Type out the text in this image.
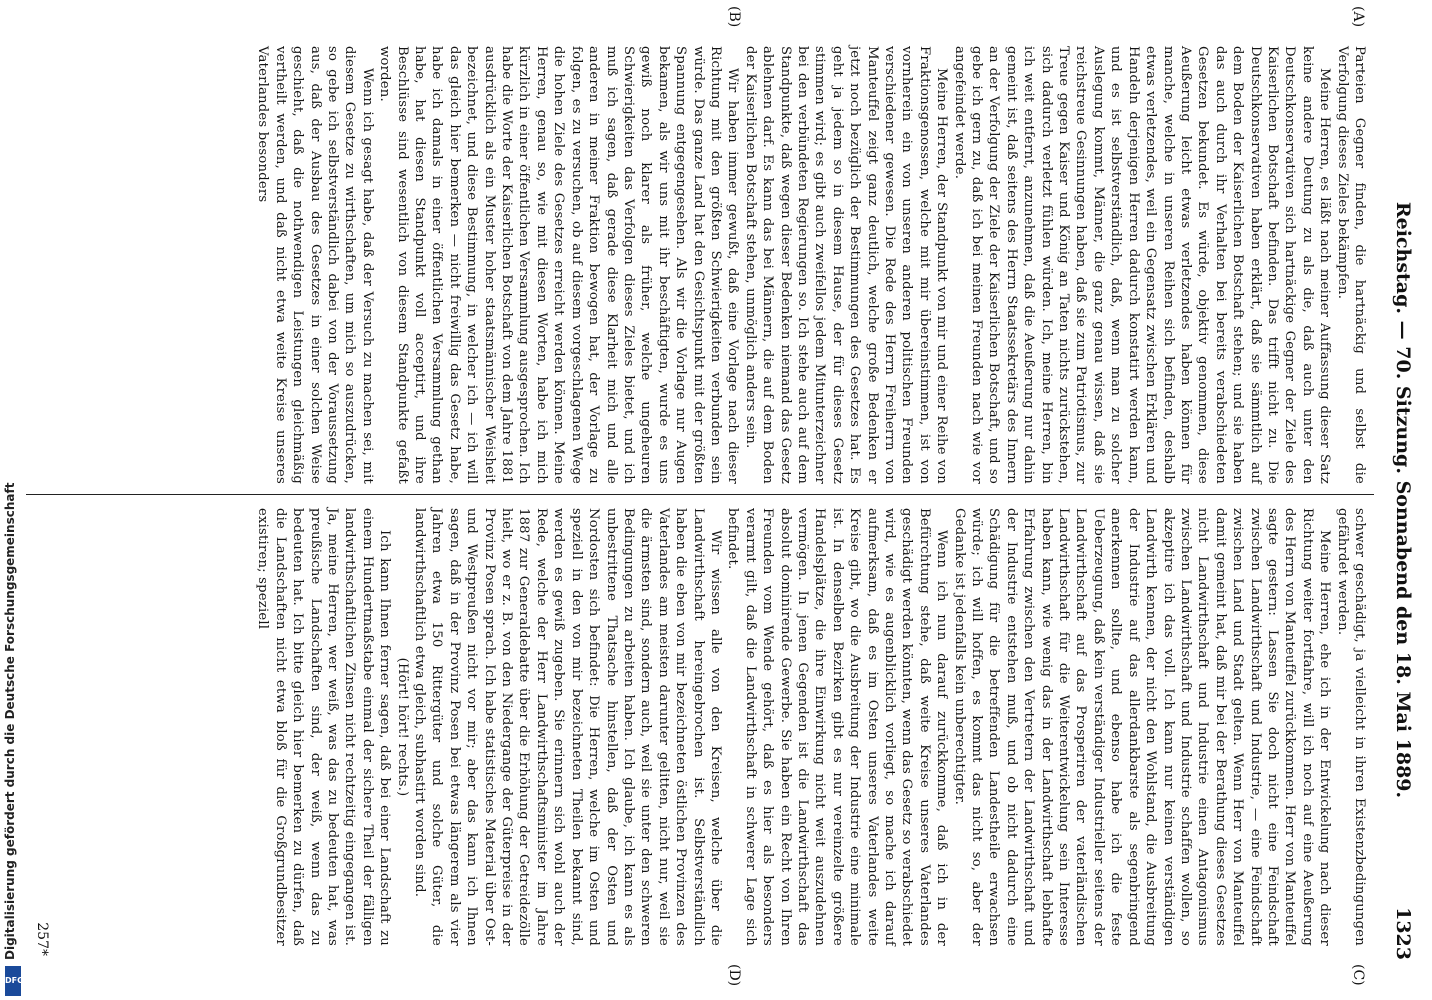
Reichstag. — 70. Sitzung. Sonnabend den 18. Mai 1889.
1323
(A)
(B)
(C)
(D)

Parteien Gegner finden, die hartnäckig und selbst die Verfolgung dieses Zieles bekämpfen.

Meine Herren, es läßt nach meiner Auffassung dieser Satz keine andere Deutung zu als die, daß auch unter den Deutschkonservativen sich hartnäckige Gegner der Ziele des Kaiserlichen Botschaft befinden. Das trifft nicht zu. Die Deutschkonservativen haben erklärt, daß sie sämmtlich auf dem Boden der Kaiserlichen Botschaft stehen; und sie haben das auch durch ihr Verhalten bei bereits verabschiedeten Gesetzen bekundet. Es würde, objektiv genommen, diese Aeußerung leicht etwas verletzendes haben können für manche, welche in unseren Reihen sich befinden, deshalb etwas verletzendes, weil ein Gegensatz zwischen Erklären und Handeln derjenigen Herren dadurch konstatirt werden kann, und es ist selbstverständlich, daß, wenn man zu solcher Auslegung kommt, Männer, die ganz genau wissen, daß sie reichstreue Gesinnungen haben, daß sie zum Patriotismus, zur Treue gegen Kaiser und König an Taten nichts zurückstehen, sich dadurch verletzt fühlen würden. Ich, meine Herren, bin ich weit entfernt, anzunehmen, daß die Aeußerung nur dahin gemeint ist, daß seitens des Herrn Staatssekretärs des Innern an der Verfolgung der Ziele der Kaiserlichen Botschaft, und so gebe ich gern zu, daß ich bei meinen Freunden nach wie vor angefeindet werde.

Meine Herren, der Standpunkt von mir und einer Reihe von Fraktionsgenossen, welche mit mir übereinstimmen, ist von vornherein ein von unseren anderen politischen Freunden verschiedener gewesen. Die Rede des Herrn Freiherrn von Manteuffel zeigt ganz deutlich, welche große Bedenken er jetzt noch bezüglich der Bestimmungen des Gesetzes hat. Es geht ja jedem so in diesem Hause, der für dieses Gesetz stimmen wird; es gibt auch zweifellos jedem Mitunterzeichner bei den verbündeten Regierungen so. Ich stehe auch auf dem Standpunkte, daß wegen dieser Bedenken niemand das Gesetz ablehnen darf. Es kann das bei Männern, die auf dem Boden der Kaiserlichen Botschaft stehen, unmöglich anders sein.

Wir haben immer gewußt, daß eine Vorlage nach dieser Richtung mit den größten Schwierigkeiten verbunden sein würde. Das ganze Land hat den Gesichtspunkt mit der größten Spannung entgegengesehen. Als wir die Vorlage nur Augen bekamen, als wir uns mit ihr beschäftigten, wurde es uns gewiß noch klarer als früher, welche ungeheuren Schwierigkeiten das Verfolgen dieses Zieles bietet, und ich muß ich sagen, daß gerade diese Klarheit mich und alle anderen in meiner Fraktion bewogen hat, der Vorlage zu folgen, es zu versuchen, ob auf diesem vorgeschlagenen Wege die hohen Ziele des Gesetzes erreicht werden können. Meine Herren, genau so, wie mit diesen Worten, habe ich mich kürzlich in einer öffentlichen Versammlung ausgesprochen. Ich habe die Worte der Kaiserlichen Botschaft von dem Jahre 1881 ausdrücklich als ein Muster hoher staatsmännischer Weisheit bezeichnet, und diese Bestimmung, in welcher ich — ich will das gleich hier bemerken — nicht freiwillig das Gesetz habe, habe ich damals in einer öffentlichen Versammlung gethan habe, hat diesen Standpunkt voll acceptirt, und ihre Beschlüsse sind wesentlich von diesem Standpunkte gefaßt worden.

Wenn ich gesagt habe, daß der Versuch zu machen sei, mit diesem Gesetze zu wirthschaften, um mich so auszudrücken, so gebe ich selbstverständlich dabei von der Voraussetzung aus, daß der Ausbau des Gesetzes in einer solchen Weise geschieht, daß die nothwendigen Leistungen gleichmäßig vertheilt werden, und daß nicht etwa weite Kreise unseres Vaterlandes besonders

schwer geschädigt, ja vielleicht in ihren Existenzbedingungen gefährdet werden.

Meine Herren, ehe ich in der Entwickelung nach dieser Richtung weiter fortfahre, will ich noch auf eine Aeußerung des Herrn von Manteuffel zurückkommen. Herr von Manteuffel sagte gestern: Lassen Sie doch nicht eine Feindschaft zwischen Landwirthschaft und Industrie, — eine Feindschaft zwischen Land und Stadt gelten. Wenn Herr von Manteuffel damit gemeint hat, daß mir bei der Berathung dieses Gesetzes nicht Landwirthschaft und Industrie einen Antagonismus zwischen Landwirthschaft und Industrie schaffen wollen, so akzeptire ich das voll. Ich kann nur keinen verständigen Landwirth kennen, der nicht den Wohlstand, die Ausbreitung der Industrie auf das allerdankbarste als segenbringend anerkennen sollte, und ebenso habe ich die feste Ueberzeugung, daß kein verständiger Industrieller seitens der Landwirthschaft auf das Prosperiren der vaterländischen Landwirthschaft für die Weiterentwickelung sein Interesse haben kann, wie wenig das in der Landwirthschaft lebhafte Erfahrung zwischen den Vertretern der Landwirthschaft und der Industrie entstehen muß, und ob nicht dadurch eine Schädigung für die betreffenden Landestheile erwachsen würde; ich will hoffen, es kommt das nicht so, aber der Gedanke ist jedenfalls kein unberechtigter.

Wenn ich nun darauf zurückkomme, daß ich in der Befürchtung stehe, daß weite Kreise unseres Vaterlandes geschädigt werden könnten, wenn das Gesetz so verabschiedet wird, wie es augenblicklich vorliegt, so mache ich darauf aufmerksam, daß es im Osten unseres Vaterlandes weite Kreise gibt, wo die Ausbreitung der Industrie eine minimale ist. In denselben Bezirken gibt es nur vereinzelte größere Handelsplätze, die ihre Einwirkung nicht weit auszudehnen vermögen. In jenen Gegenden ist die Landwirthschaft das absolut dominirende Gewerbe. Sie haben ein Recht von Ihren Freunden vom Wende gehört, daß es hier als besonders verarmt gilt, daß die Landwirthschaft in schwerer Lage sich befindet.

Wir wissen alle von den Kreisen, welche über die Landwirthschaft hereingebrochen ist. Selbstverständlich haben die eben von mir bezeichneten östlichen Provinzen des Vaterlandes am meisten darunter gelitten, nicht nur, weil sie die ärmsten sind, sondern auch, weil sie unter den schweren Bedingungen zu arbeiten haben. Ich glaube, ich kann es als unbestrittene Thatsache hinstellen, daß der Osten und Nordosten sich befindet: Die Herren, welche im Osten und speziell in den von mir bezeichneten Theilen bekannt sind, werden es gewiß zugeben. Sie erinnern sich wohl auch der Rede, welche der Herr Landwirthschaftsminister im Jahre 1887 zur Generaldebatte über die Erhöhung der Getreidezölle hielt, wo er z. B. von den Niedergange der Güterpreise in der Provinz Posen sprach. Ich habe statistisches Material über Ost- und Westpreußen nicht vor mir; aber das kann ich Ihnen sagen, daß in der Provinz Posen bei etwas längerem als vier Jahren etwa 150 Rittergüter und solche Güter, die landwirthschaftlich etwa gleich, subhastirt worden sind.

(Hört! hört! rechts.)

Ich kann Ihnen ferner sagen, daß bei einer Landschaft zu einem Hundertmaßstabe einmal der sichere Theil der fälligen landwirthschaftlichen Zinsen nicht rechtzeitig eingegangen ist. Ja, meine Herren, wer weiß, was das zu bedeuten hat, was preußische Landschaften sind, der weiß, wenn das zu bedeuten hat. Ich bitte gleich hier bemerken zu dürfen, daß die Landschaften nicht etwa bloß für die Großgrundbesitzer existiren; speziell

257*
Digitalisierung gefördert durch die Deutsche Forschungsgemeinschaft
DFG
